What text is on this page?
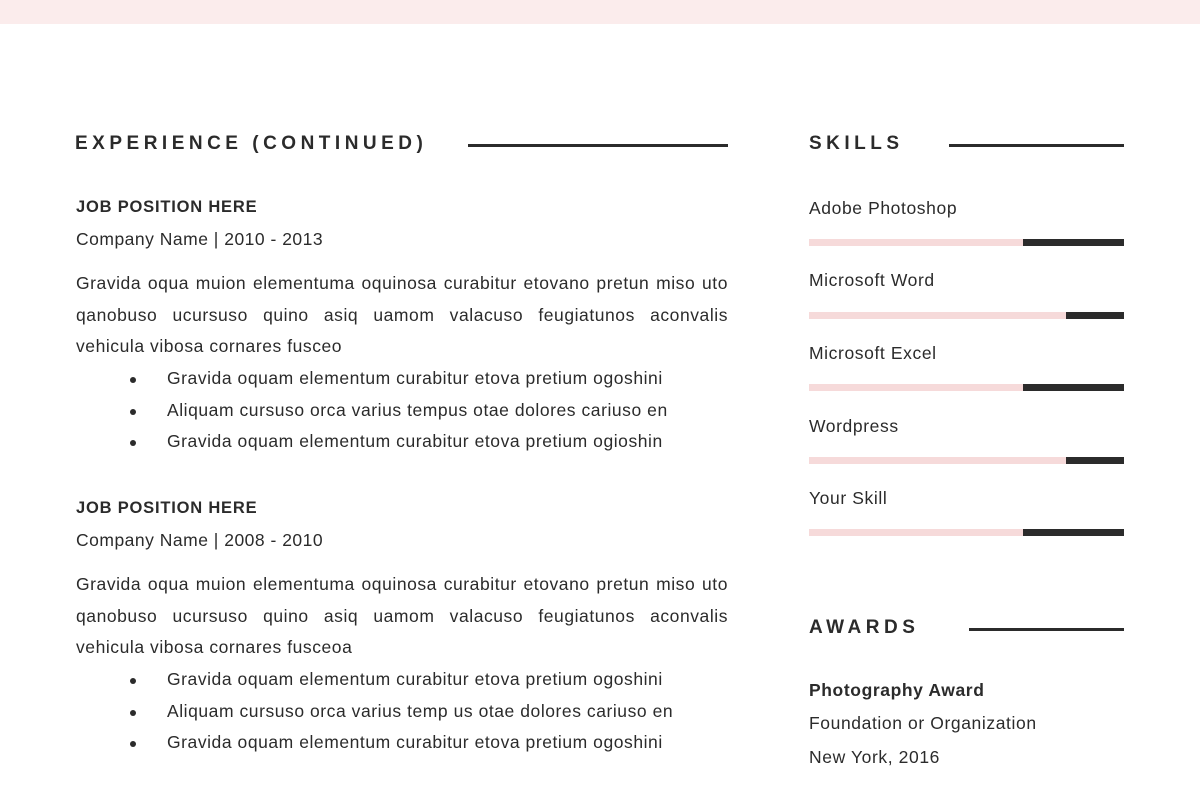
EXPERIENCE (CONTINUED)
JOB POSITION HERE
Company Name | 2010 - 2013
Gravida oqua muion elementuma oquinosa curabitur etovano pretun miso uto qanobuso ucursuso quino asiq uamom valacuso feugiatunos aconvalis vehicula vibosa cornares fusceo
Gravida oquam elementum curabitur etova pretium ogoshini
Aliquam cursuso orca varius tempus otae dolores cariuso en
Gravida oquam elementum curabitur etova pretium ogioshin
JOB POSITION HERE
Company Name | 2008 - 2010
Gravida oqua muion elementuma oquinosa curabitur etovano pretun miso uto qanobuso ucursuso quino asiq uamom valacuso feugiatunos aconvalis vehicula vibosa cornares fusceoa
Gravida oquam elementum curabitur etova pretium ogoshini
Aliquam cursuso orca varius temp us otae dolores cariuso en
Gravida oquam elementum curabitur etova pretium ogoshini
SKILLS
Adobe Photoshop
Microsoft Word
Microsoft Excel
Wordpress
Your Skill
AWARDS
Photography Award
Foundation or Organization
New York, 2016
